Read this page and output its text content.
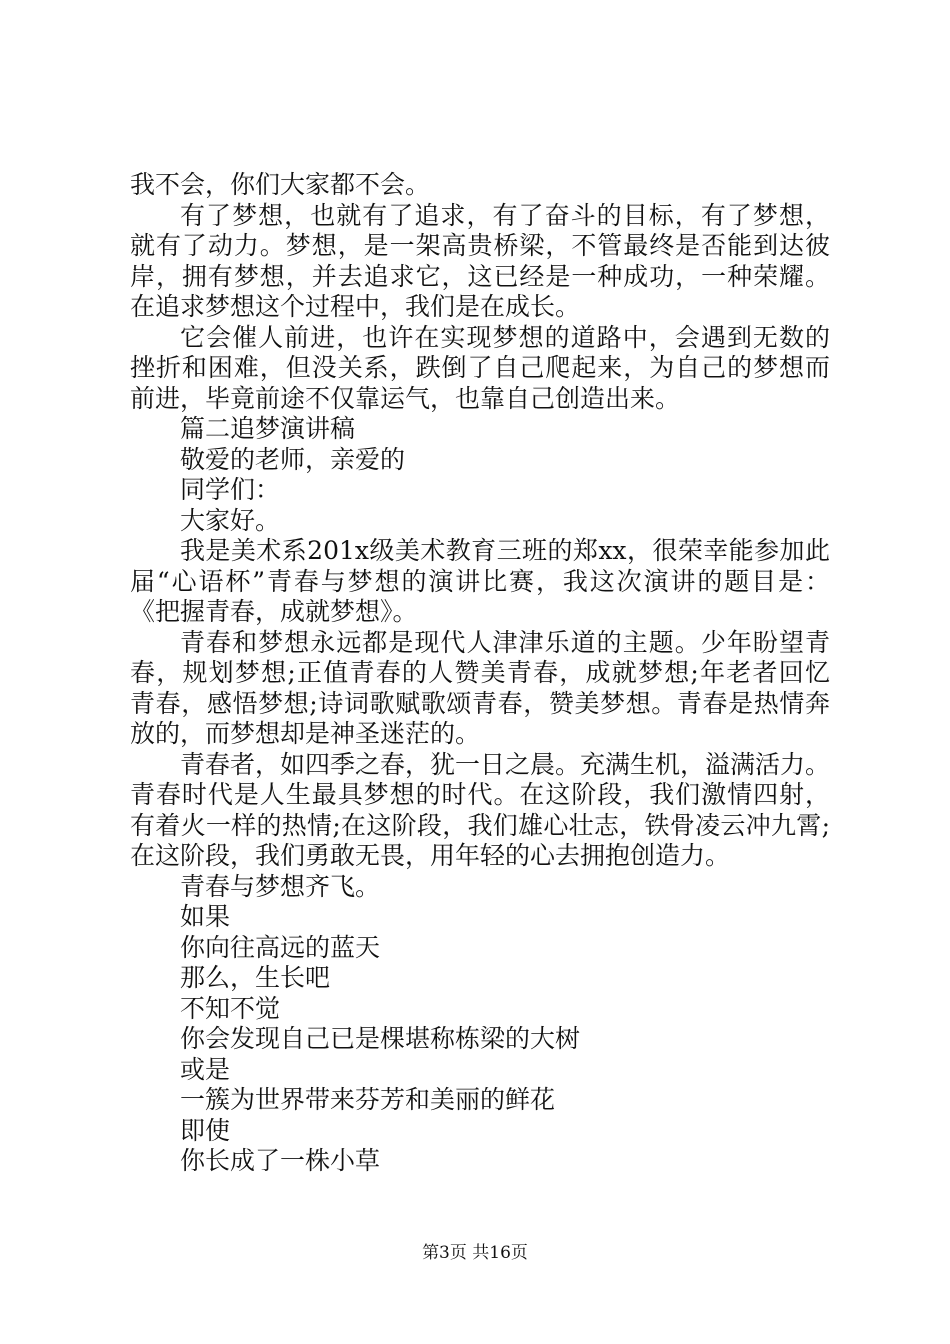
我不会，你们大家都不会。
有了梦想，也就有了追求，有了奋斗的目标，有了梦想，
就有了动力。梦想，是一架高贵桥梁，不管最终是否能到达彼
岸，拥有梦想，并去追求它，这已经是一种成功，一种荣耀。
在追求梦想这个过程中，我们是在成长。
它会催人前进，也许在实现梦想的道路中，会遇到无数的
挫折和困难，但没关系，跌倒了自己爬起来，为自己的梦想而
前进，毕竟前途不仅靠运气，也靠自己创造出来。
篇二追梦演讲稿
敬爱的老师，亲爱的
同学们：
大家好。
我是美术系201x级美术教育三班的郑xx，很荣幸能参加此
届“心语杯”青春与梦想的演讲比赛，我这次演讲的题目是：
《把握青春，成就梦想》。
青春和梦想永远都是现代人津津乐道的主题。少年盼望青
春，规划梦想;正值青春的人赞美青春，成就梦想;年老者回忆
青春，感悟梦想;诗词歌赋歌颂青春，赞美梦想。青春是热情奔
放的，而梦想却是神圣迷茫的。
青春者，如四季之春，犹一日之晨。充满生机，溢满活力。
青春时代是人生最具梦想的时代。在这阶段，我们激情四射，
有着火一样的热情;在这阶段，我们雄心壮志，铁骨凌云冲九霄;
在这阶段，我们勇敢无畏，用年轻的心去拥抱创造力。
青春与梦想齐飞。
如果
你向往高远的蓝天
那么，生长吧
不知不觉
你会发现自己已是棵堪称栋梁的大树
或是
一簇为世界带来芬芳和美丽的鲜花
即使
你长成了一株小草
第3页 共16页
